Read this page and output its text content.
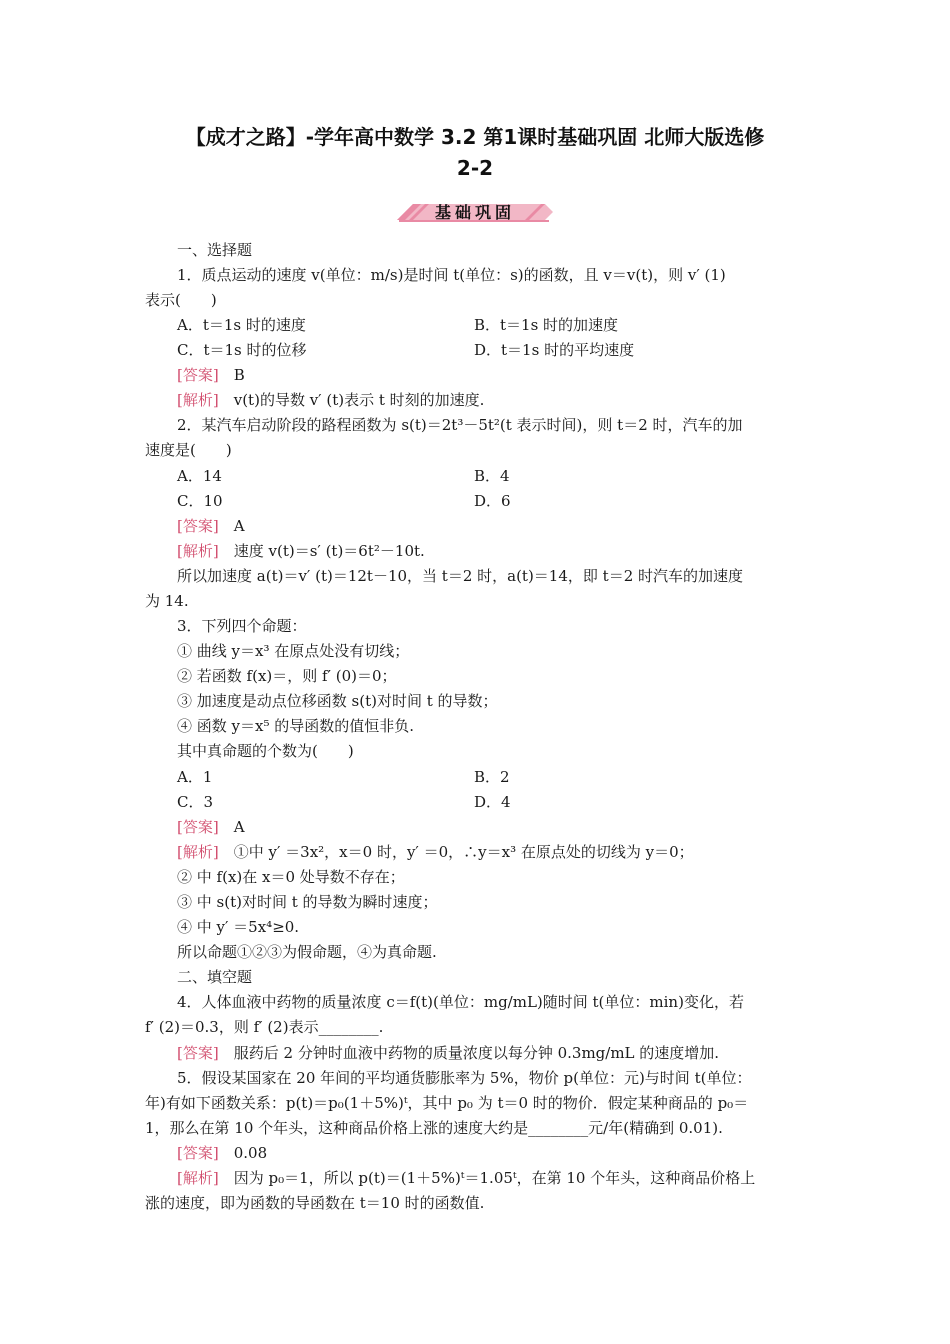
【成才之路】-学年高中数学 3.2 第1课时基础巩固 北师大版选修
2-2
基础巩固
一、选择题
1．质点运动的速度 v(单位：m/s)是时间 t(单位：s)的函数，且 v＝v(t)，则 v′ (1)
表示(　　)
A．t＝1s 时的速度	B．t＝1s 时的加速度
C．t＝1s 时的位移	D．t＝1s 时的平均速度
[答案]　 B
[解析]　 v(t)的导数 v′ (t)表示 t 时刻的加速度.
2．某汽车启动阶段的路程函数为 s(t)＝2t³－5t²(t 表示时间)，则 t＝2 时，汽车的加
速度是(　　)
A．14	B．4
C．10	D．6
[答案]　 A
[解析]　 速度 v(t)＝s′ (t)＝6t²－10t.
所以加速度 a(t)＝v′ (t)＝12t－10，当 t＝2 时，a(t)＝14，即 t＝2 时汽车的加速度
为 14.
3．下列四个命题：
① 曲线 y＝x³ 在原点处没有切线；
② 若函数 f(x)＝，则 f′ (0)＝0；
③ 加速度是动点位移函数 s(t)对时间 t 的导数；
④ 函数 y＝x⁵ 的导函数的值恒非负.
其中真命题的个数为(　　)
A．1	B．2
C．3	D．4
[答案]　 A
[解析]　 ①中 y′ ＝3x²，x＝0 时，y′ ＝0，∴y＝x³ 在原点处的切线为 y＝0；
② 中 f(x)在 x＝0 处导数不存在；
③ 中 s(t)对时间 t 的导数为瞬时速度；
④ 中 y′ ＝5x⁴≥0.
所以命题①②③为假命题，④为真命题.
二、填空题
4．人体血液中药物的质量浓度 c＝f(t)(单位：mg/mL)随时间 t(单位：min)变化，若
f′ (2)＝0.3，则 f′ (2)表示________.
[答案]　 服药后 2 分钟时血液中药物的质量浓度以每分钟 0.3mg/mL 的速度增加.
5．假设某国家在 20 年间的平均通货膨胀率为 5%，物价 p(单位：元)与时间 t(单位：
年)有如下函数关系：p(t)＝p₀(1＋5%)ᵗ，其中 p₀ 为 t＝0 时的物价．假定某种商品的 p₀＝
1，那么在第 10 个年头，这种商品价格上涨的速度大约是________元/年(精确到 0.01).
[答案]　 0.08
[解析]　 因为 p₀＝1，所以 p(t)＝(1＋5%)ᵗ＝1.05ᵗ，在第 10 个年头，这种商品价格上
涨的速度，即为函数的导函数在 t＝10 时的函数值.
